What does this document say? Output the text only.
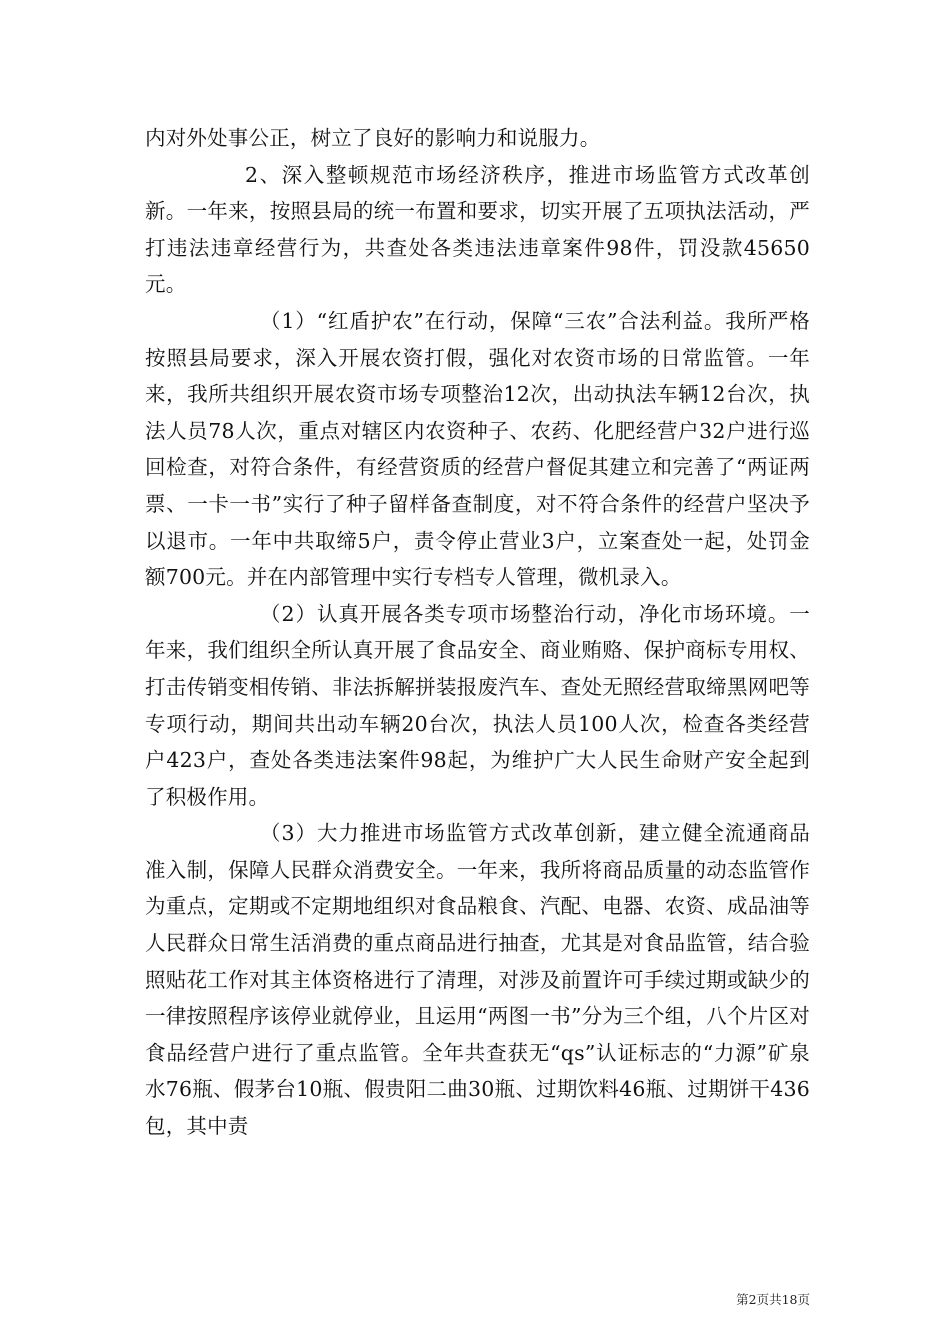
内对外处事公正，树立了良好的影响力和说服力。

2、深入整顿规范市场经济秩序，推进市场监管方式改革创新。一年来，按照县局的统一布置和要求，切实开展了五项执法活动，严打违法违章经营行为，共查处各类违法违章案件98件，罚没款45650元。

（1）“红盾护农”在行动，保障“三农”合法利益。我所严格按照县局要求，深入开展农资打假，强化对农资市场的日常监管。一年来，我所共组织开展农资市场专项整治12次，出动执法车辆12台次，执法人员78人次，重点对辖区内农资种子、农药、化肥经营户32户进行巡回检查，对符合条件，有经营资质的经营户督促其建立和完善了“两证两票、一卡一书”实行了种子留样备查制度，对不符合条件的经营户坚决予以退市。一年中共取缔5户，责令停止营业3户，立案查处一起，处罚金额700元。并在内部管理中实行专档专人管理，微机录入。

（2）认真开展各类专项市场整治行动，净化市场环境。一年来，我们组织全所认真开展了食品安全、商业贿赂、保护商标专用权、打击传销变相传销、非法拆解拼装报废汽车、查处无照经营取缔黑网吧等专项行动，期间共出动车辆20台次，执法人员100人次，检查各类经营户423户，查处各类违法案件98起，为维护广大人民生命财产安全起到了积极作用。

（3）大力推进市场监管方式改革创新，建立健全流通商品准入制，保障人民群众消费安全。一年来，我所将商品质量的动态监管作为重点，定期或不定期地组织对食品粮食、汽配、电器、农资、成品油等人民群众日常生活消费的重点商品进行抽查，尤其是对食品监管，结合验照贴花工作对其主体资格进行了清理，对涉及前置许可手续过期或缺少的一律按照程序该停业就停业，且运用“两图一书”分为三个组，八个片区对食品经营户进行了重点监管。全年共查获无“qs”认证标志的“力源”矿泉水76瓶、假茅台10瓶、假贵阳二曲30瓶、过期饮料46瓶、过期饼干436包，其中责

第2页共18页
